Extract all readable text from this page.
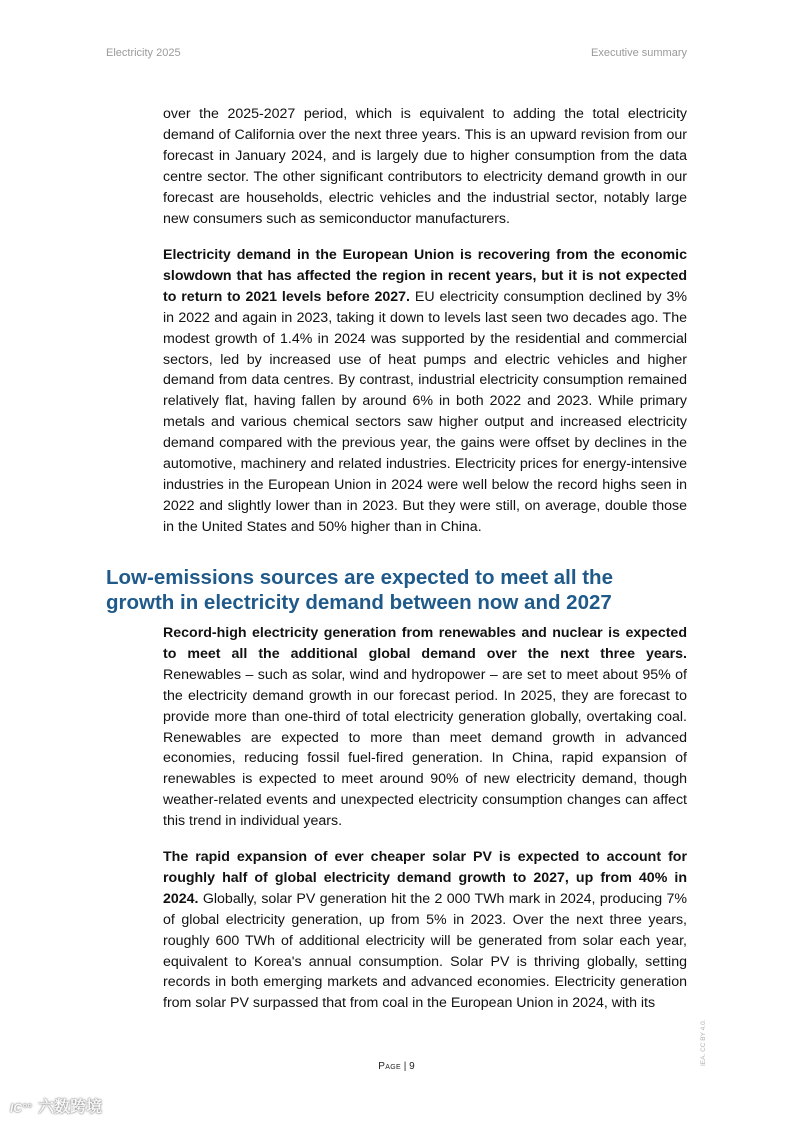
Electricity 2025	Executive summary

over the 2025-2027 period, which is equivalent to adding the total electricity demand of California over the next three years. This is an upward revision from our forecast in January 2024, and is largely due to higher consumption from the data centre sector. The other significant contributors to electricity demand growth in our forecast are households, electric vehicles and the industrial sector, notably large new consumers such as semiconductor manufacturers.

Electricity demand in the European Union is recovering from the economic slowdown that has affected the region in recent years, but it is not expected to return to 2021 levels before 2027. EU electricity consumption declined by 3% in 2022 and again in 2023, taking it down to levels last seen two decades ago. The modest growth of 1.4% in 2024 was supported by the residential and commercial sectors, led by increased use of heat pumps and electric vehicles and higher demand from data centres. By contrast, industrial electricity consumption remained relatively flat, having fallen by around 6% in both 2022 and 2023. While primary metals and various chemical sectors saw higher output and increased electricity demand compared with the previous year, the gains were offset by declines in the automotive, machinery and related industries. Electricity prices for energy-intensive industries in the European Union in 2024 were well below the record highs seen in 2022 and slightly lower than in 2023. But they were still, on average, double those in the United States and 50% higher than in China.

Low-emissions sources are expected to meet all the growth in electricity demand between now and 2027

Record-high electricity generation from renewables and nuclear is expected to meet all the additional global demand over the next three years. Renewables – such as solar, wind and hydropower – are set to meet about 95% of the electricity demand growth in our forecast period. In 2025, they are forecast to provide more than one-third of total electricity generation globally, overtaking coal. Renewables are expected to more than meet demand growth in advanced economies, reducing fossil fuel-fired generation. In China, rapid expansion of renewables is expected to meet around 90% of new electricity demand, though weather-related events and unexpected electricity consumption changes can affect this trend in individual years.

The rapid expansion of ever cheaper solar PV is expected to account for roughly half of global electricity demand growth to 2027, up from 40% in 2024. Globally, solar PV generation hit the 2 000 TWh mark in 2024, producing 7% of global electricity generation, up from 5% in 2023. Over the next three years, roughly 600 TWh of additional electricity will be generated from solar each year, equivalent to Korea's annual consumption. Solar PV is thriving globally, setting records in both emerging markets and advanced economies. Electricity generation from solar PV surpassed that from coal in the European Union in 2024, with its

Page | 9
IEA. CC BY 4.0.
IC°° 六数跨境
